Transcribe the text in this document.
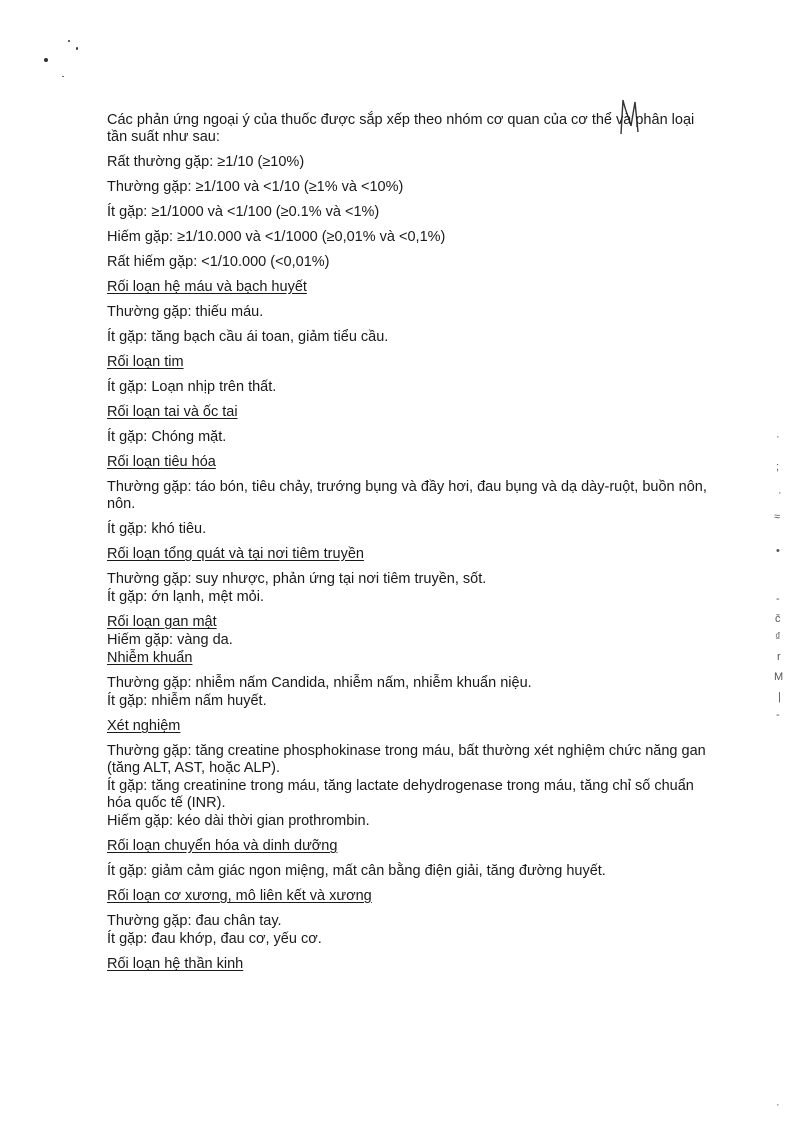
·
;
·
≈
•
-
č
₫
r
M
|
-
·

Các phản ứng ngoại ý của thuốc được sắp xếp theo nhóm cơ quan của cơ thể và phân loại tần suất như sau:

Rất thường gặp: ≥1/10 (≥10%)

Thường gặp: ≥1/100 và <1/10 (≥1% và <10%)

Ít gặp: ≥1/1000 và <1/100 (≥0.1% và <1%)

Hiếm gặp: ≥1/10.000 và <1/1000 (≥0,01% và <0,1%)

Rất hiếm gặp: <1/10.000 (<0,01%)

Rối loạn hệ máu và bạch huyết

Thường gặp: thiếu máu.

Ít gặp: tăng bạch cầu ái toan, giảm tiểu cầu.

Rối loạn tim

Ít gặp: Loạn nhịp trên thất.

Rối loạn tai và ốc tai

Ít gặp: Chóng mặt.

Rối loạn tiêu hóa

Thường gặp: táo bón, tiêu chảy, trướng bụng và đầy hơi, đau bụng và dạ dày-ruột, buồn nôn, nôn.

Ít gặp: khó tiêu.

Rối loạn tổng quát và tại nơi tiêm truyền

Thường gặp: suy nhược, phản ứng tại nơi tiêm truyền, sốt.

Ít gặp: ớn lạnh, mệt mỏi.

Rối loạn gan mật

Hiếm gặp: vàng da.

Nhiễm khuẩn

Thường gặp: nhiễm nấm Candida, nhiễm nấm, nhiễm khuẩn niệu.

Ít gặp: nhiễm nấm huyết.

Xét nghiệm

Thường gặp: tăng creatine phosphokinase trong máu, bất thường xét nghiệm chức năng gan (tăng ALT, AST, hoặc ALP).

Ít gặp: tăng creatinine trong máu, tăng lactate dehydrogenase trong máu, tăng chỉ số chuẩn hóa quốc tế (INR).

Hiếm gặp: kéo dài thời gian prothrombin.

Rối loạn chuyển hóa và dinh dưỡng

Ít gặp: giảm cảm giác ngon miệng, mất cân bằng điện giải, tăng đường huyết.

Rối loạn cơ xương, mô liên kết và xương

Thường gặp: đau chân tay.

Ít gặp: đau khớp, đau cơ, yếu cơ.

Rối loạn hệ thần kinh
